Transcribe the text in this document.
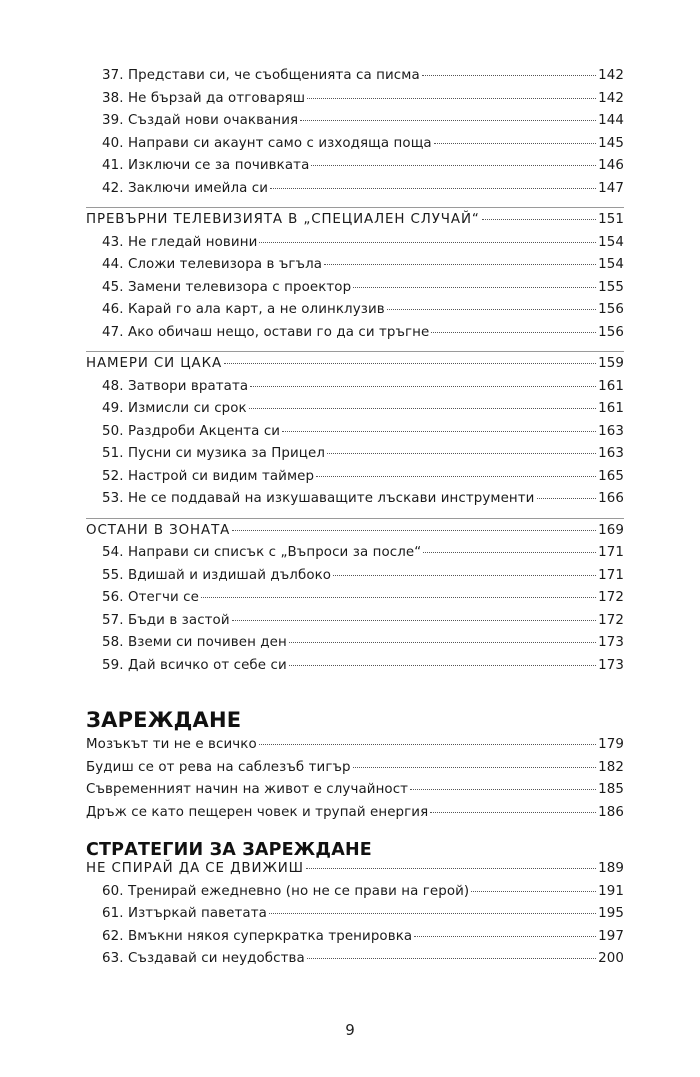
37. Представи си, че съобщенията са писма	142
38. Не бързай да отговаряш	142
39. Създай нови очаквания	144
40. Направи си акаунт само с изходяща поща	145
41. Изключи се за почивката	146
42. Заключи имейла си	147
ПРЕВЪРНИ ТЕЛЕВИЗИЯТА В „СПЕЦИАЛЕН СЛУЧАЙ“	151
43. Не гледай новини	154
44. Сложи телевизора в ъгъла	154
45. Замени телевизора с проектор	155
46. Карай го ала карт, а не олинклузив	156
47. Ако обичаш нещо, остави го да си тръгне	156
НАМЕРИ СИ ЦАКА	159
48. Затвори вратата	161
49. Измисли си срок	161
50. Раздроби Акцента си	163
51. Пусни си музика за Прицел	163
52. Настрой си видим таймер	165
53. Не се поддавай на изкушаващите лъскави инструменти	166
ОСТАНИ В ЗОНАТА	169
54. Направи си списък с „Въпроси за после“	171
55. Вдишай и издишай дълбоко	171
56. Отегчи се	172
57. Бъди в застой	172
58. Вземи си почивен ден	173
59. Дай всичко от себе си	173
ЗАРЕЖДАНЕ
Мозъкът ти не е всичко	179
Будиш се от рева на саблезъб тигър	182
Съвременният начин на живот е случайност	185
Дръж се като пещерен човек и трупай енергия	186
СТРАТЕГИИ ЗА ЗАРЕЖДАНЕ
НЕ СПИРАЙ ДА СЕ ДВИЖИШ	189
60. Тренирай ежедневно (но не се прави на герой)	191
61. Изтъркай паветата	195
62. Вмъкни някоя суперкратка тренировка	197
63. Създавай си неудобства	200
9
